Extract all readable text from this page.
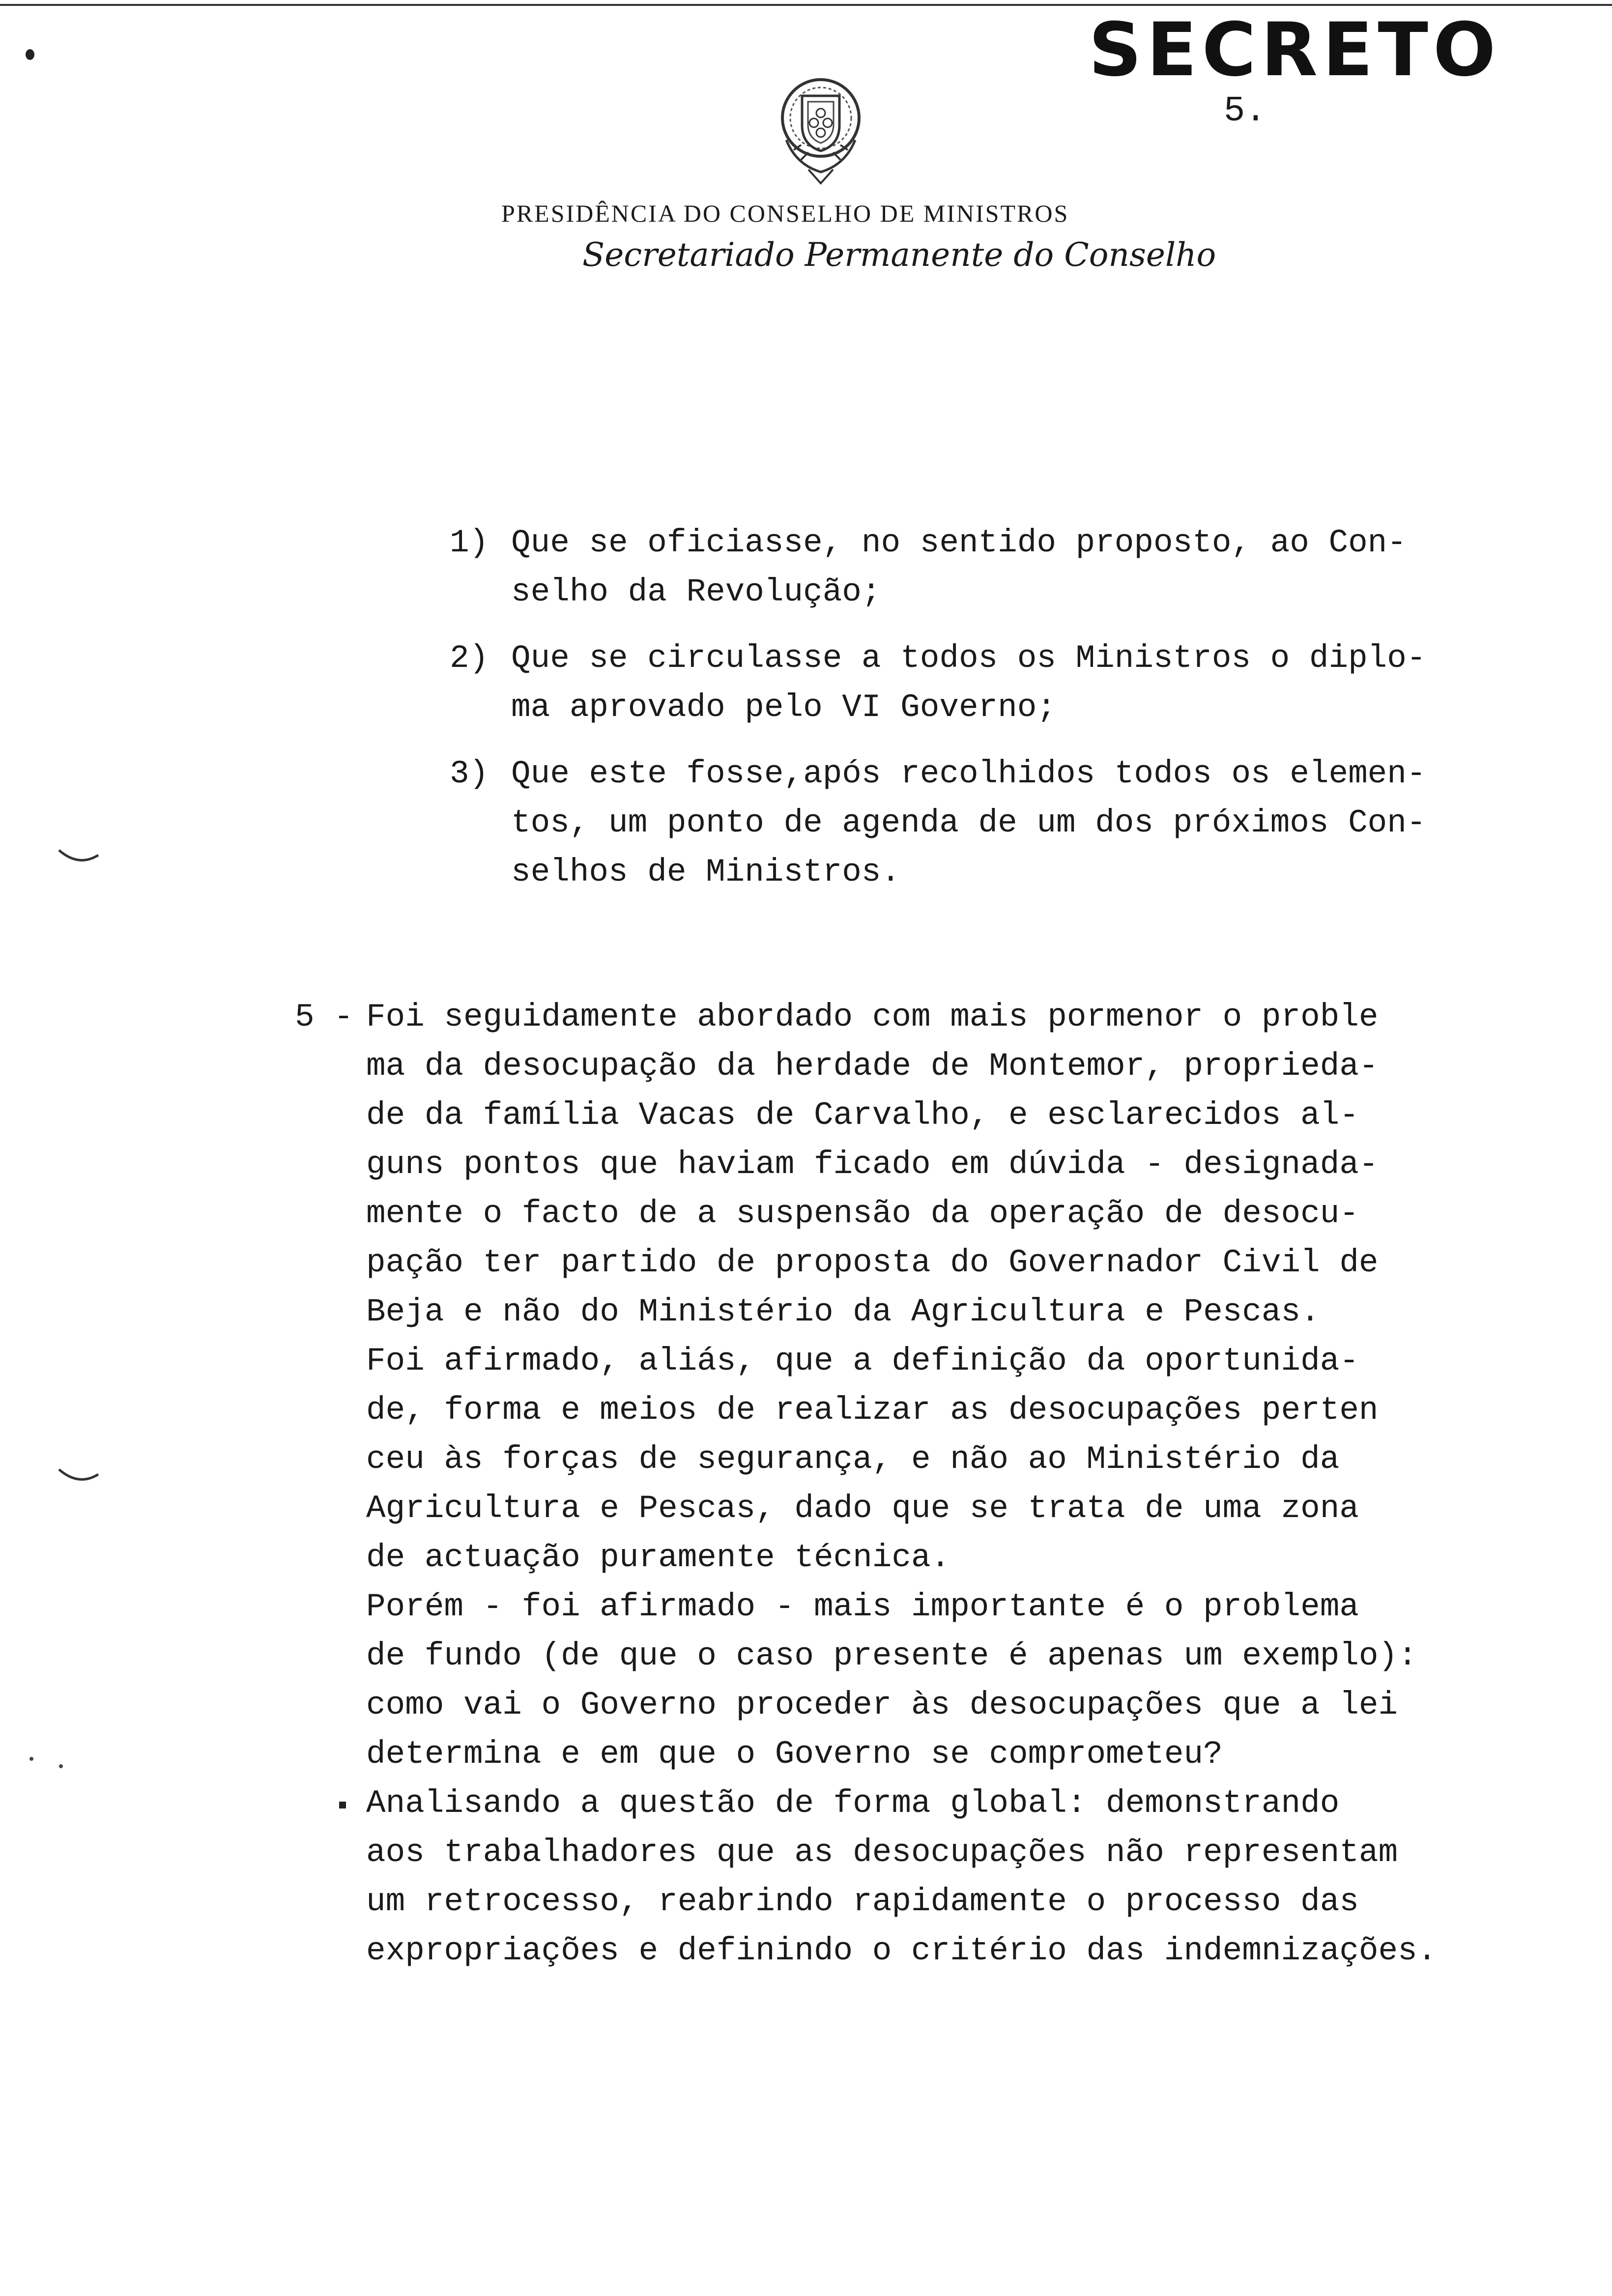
SECRETO
5.
PRESIDÊNCIA DO CONSELHO DE MINISTROS
Secretariado Permanente do Conselho
1) Que se oficiasse, no sentido proposto, ao Con-
selho da Revolução;
2) Que se circulasse a todos os Ministros o diplo-
ma aprovado pelo VI Governo;
3) Que este fosse,após recolhidos todos os elemen-
tos, um ponto de agenda de um dos próximos Con-
selhos de Ministros.
5 - Foi seguidamente abordado com mais pormenor o proble
ma da desocupação da herdade de Montemor, proprieda-
de da família Vacas de Carvalho, e esclarecidos al-
guns pontos que haviam ficado em dúvida - designada-
mente o facto de a suspensão da operação de desocu-
pação ter partido de proposta do Governador Civil de
Beja e não do Ministério da Agricultura e Pescas.
Foi afirmado, aliás, que a definição da oportunida-
de, forma e meios de realizar as desocupações perten
ceu às forças de segurança, e não ao Ministério da
Agricultura e Pescas, dado que se trata de uma zona
de actuação puramente técnica.
Porém - foi afirmado - mais importante é o problema
de fundo (de que o caso presente é apenas um exemplo):
como vai o Governo proceder às desocupações que a lei
determina e em que o Governo se comprometeu?
Analisando a questão de forma global: demonstrando
aos trabalhadores que as desocupações não representam
um retrocesso, reabrindo rapidamente o processo das
expropriações e definindo o critério das indemnizações.
